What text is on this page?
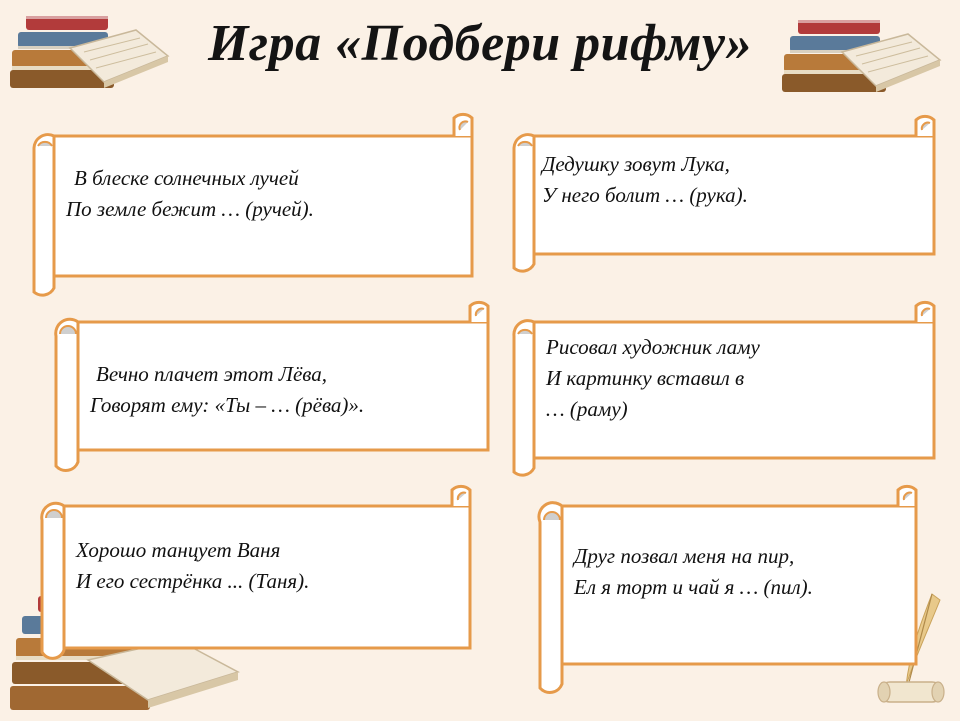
Игра «Подбери рифму»
В блеске солнечных лучей
По земле бежит … (ручей).
Дедушку зовут Лука,
У него болит … (рука).
Вечно плачет этот Лёва,
Говорят ему: «Ты – … (рёва)».
Рисовал художник ламу
И картинку вставил в
… (раму)
Хорошо танцует Ваня
И его сестрёнка ... (Таня).
Друг позвал меня на пир,
Ел я торт и чай я … (пил).
